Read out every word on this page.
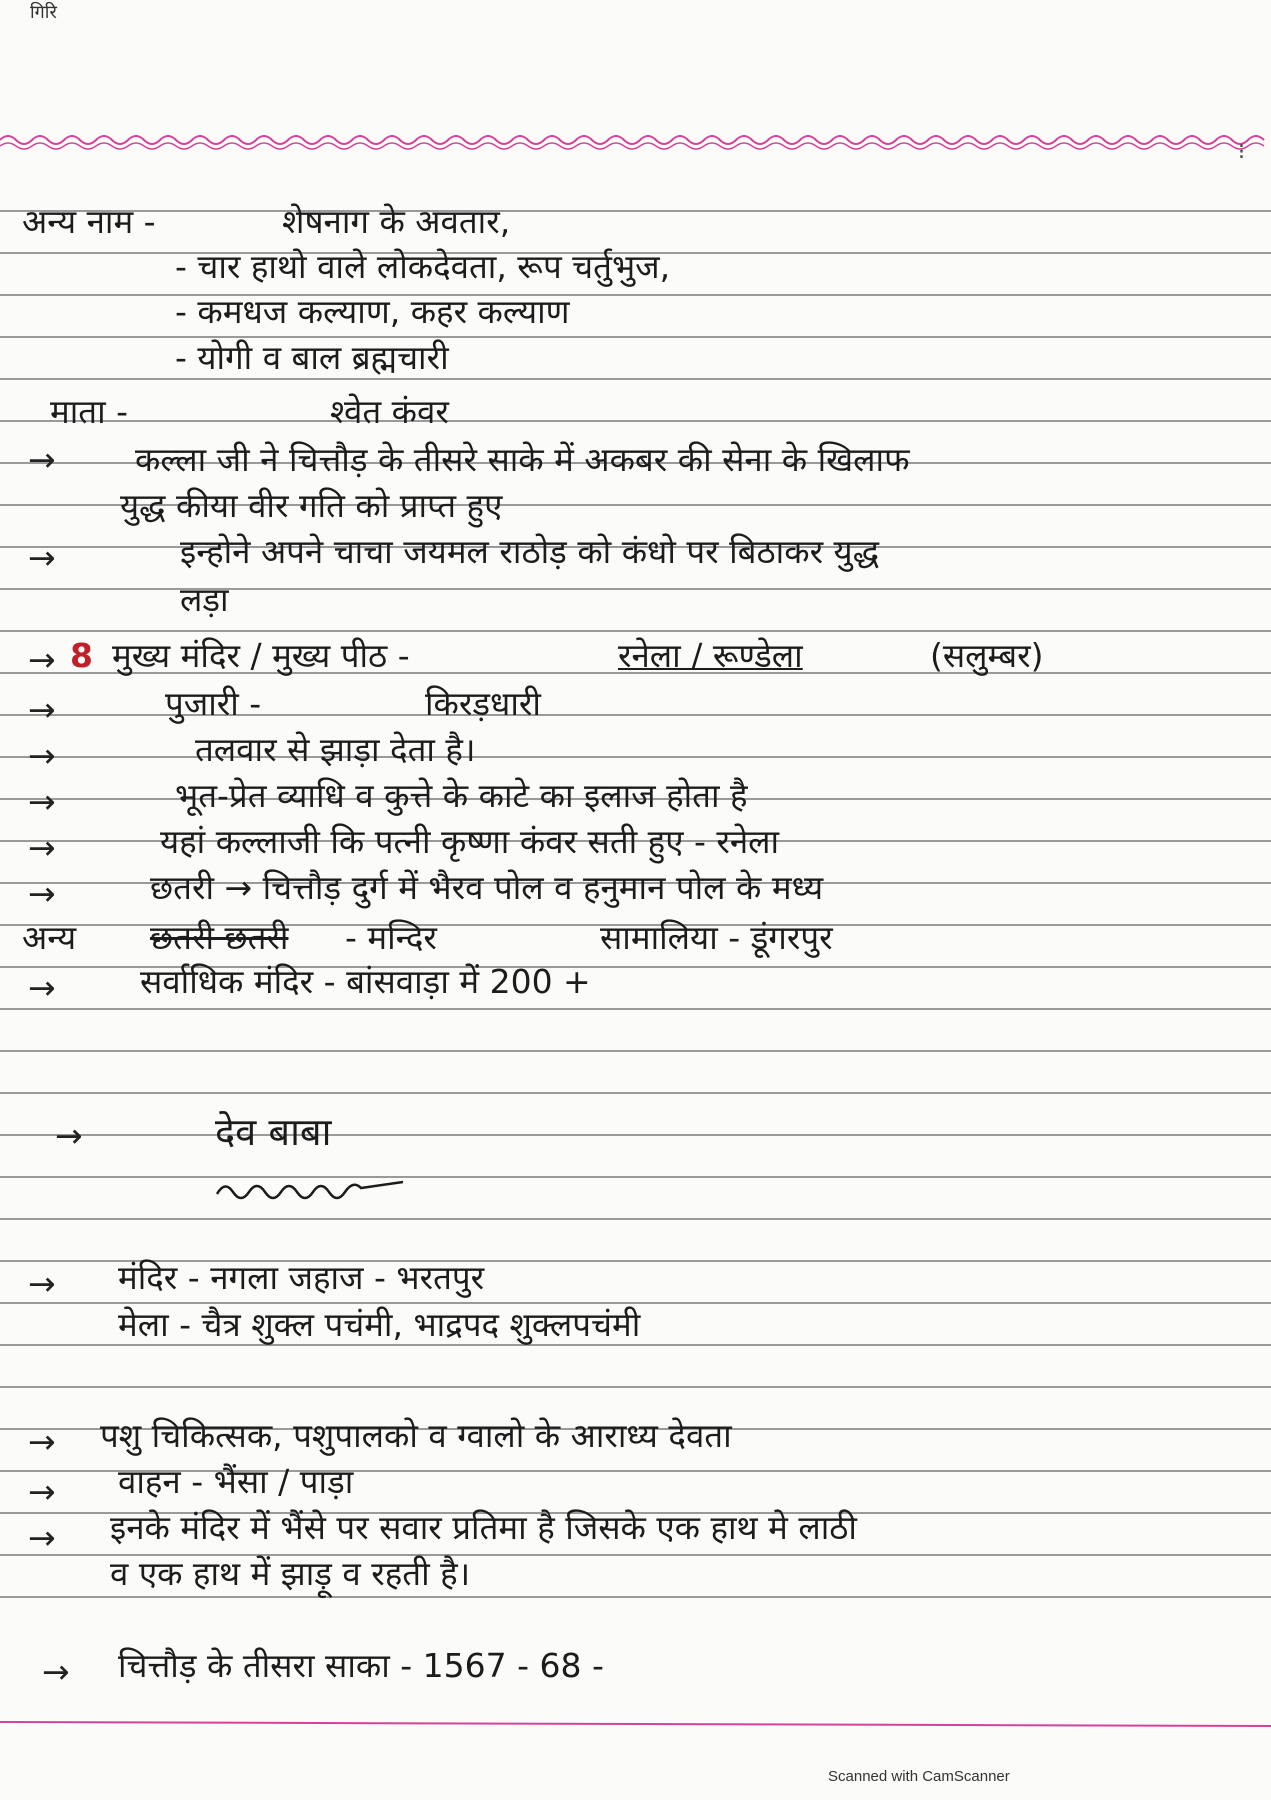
गिरि
⁝
अन्य नाम -	शेषनाग के अवतार,
- चार हाथो वाले लोकदेवता, रूप चर्तुभुज,
- कमधज कल्याण, कहर कल्याण
- योगी व बाल ब्रह्मचारी
माता -	श्वेत कंवर
→ कल्ला जी ने चित्तौड़ के तीसरे साके में अकबर की सेना के खिलाफ
युद्ध कीया वीर गति को प्राप्त हुए
→	इन्होने अपने चाचा जयमल राठोड़ को कंधो पर बिठाकर युद्ध
लड़ा
→ 8 मुख्य मंदिर / मुख्य पीठ -	रनेला / रूण्डेला	(सलुम्बर)
→	पुजारी -	किरड़धारी
→	तलवार से झाड़ा देता है।
→	भूत-प्रेत व्याधि व कुत्ते के काटे का इलाज होता है
→	यहां कल्लाजी कि पत्नी कृष्णा कंवर सती हुए - रनेला
→	छतरी → चित्तौड़ दुर्ग में भैरव पोल व हनुमान पोल के मध्य
अन्य छतरी छतरी - मन्दिर	सामालिया - डूंगरपुर
→	सर्वाधिक मंदिर - बांसवाड़ा में 200 +
→	देव बाबा
→ मंदिर - नगला जहाज - भरतपुर
मेला - चैत्र शुक्ल पचंमी, भाद्रपद शुक्लपचंमी
→ पशु चिकित्सक, पशुपालको व ग्वालो के आराध्य देवता
→ वाहन - भैंसा / पाड़ा
→ इनके मंदिर में भैंसे पर सवार प्रतिमा है जिसके एक हाथ मे लाठी
व एक हाथ में झाड़ू व रहती है।
→ चित्तौड़ के तीसरा साका - 1567 - 68 -
Scanned with CamScanner
